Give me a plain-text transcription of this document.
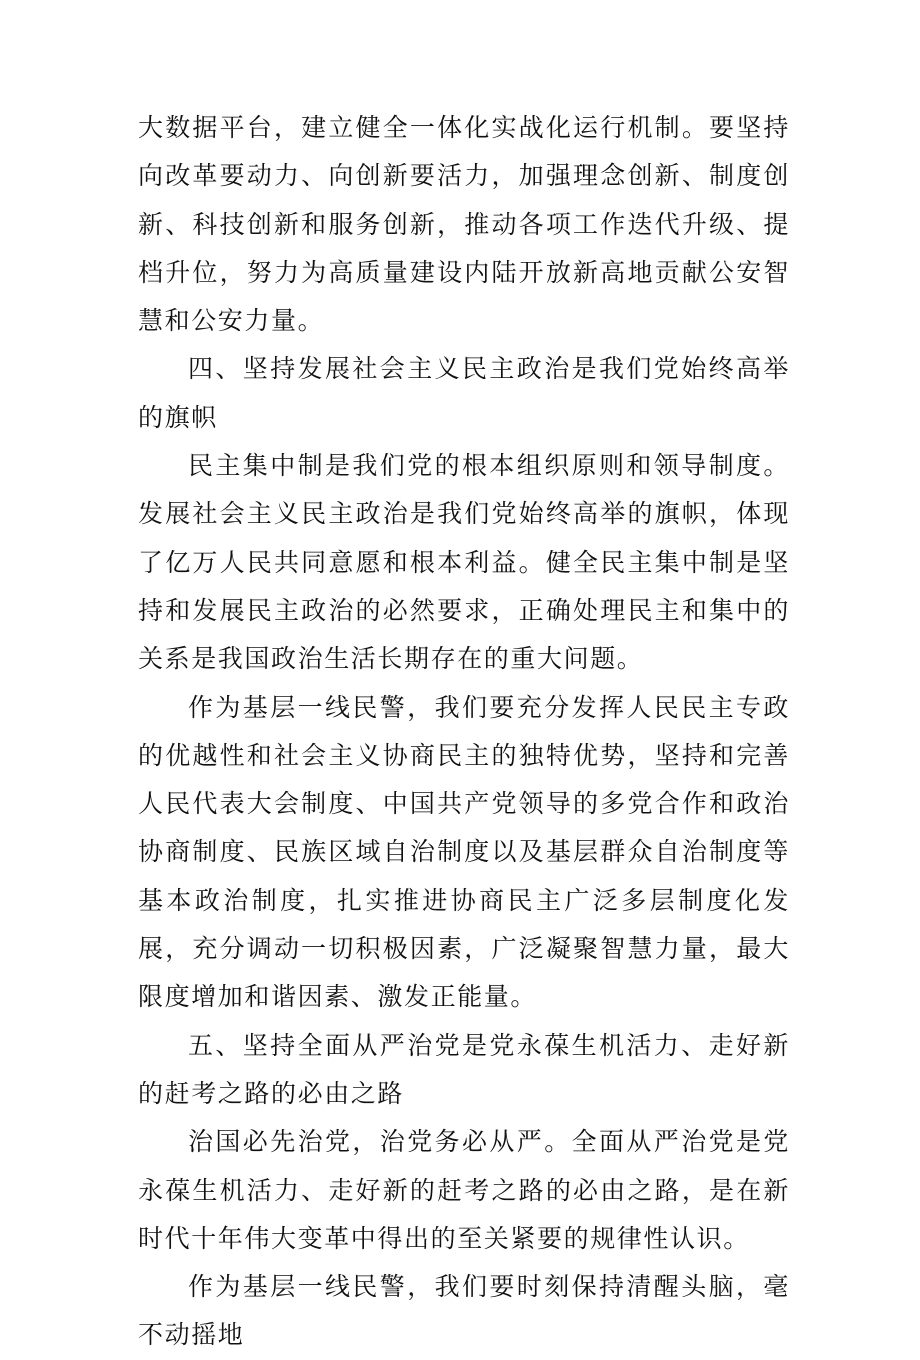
大数据平台，建立健全一体化实战化运行机制。要坚持向改革要动力、向创新要活力，加强理念创新、制度创新、科技创新和服务创新，推动各项工作迭代升级、提档升位，努力为高质量建设内陆开放新高地贡献公安智慧和公安力量。

四、坚持发展社会主义民主政治是我们党始终高举的旗帜

民主集中制是我们党的根本组织原则和领导制度。发展社会主义民主政治是我们党始终高举的旗帜，体现了亿万人民共同意愿和根本利益。健全民主集中制是坚持和发展民主政治的必然要求，正确处理民主和集中的关系是我国政治生活长期存在的重大问题。

作为基层一线民警，我们要充分发挥人民民主专政的优越性和社会主义协商民主的独特优势，坚持和完善人民代表大会制度、中国共产党领导的多党合作和政治协商制度、民族区域自治制度以及基层群众自治制度等基本政治制度，扎实推进协商民主广泛多层制度化发展，充分调动一切积极因素，广泛凝聚智慧力量，最大限度增加和谐因素、激发正能量。

五、坚持全面从严治党是党永葆生机活力、走好新的赶考之路的必由之路

治国必先治党，治党务必从严。全面从严治党是党永葆生机活力、走好新的赶考之路的必由之路，是在新时代十年伟大变革中得出的至关紧要的规律性认识。

作为基层一线民警，我们要时刻保持清醒头脑，毫不动摇地
